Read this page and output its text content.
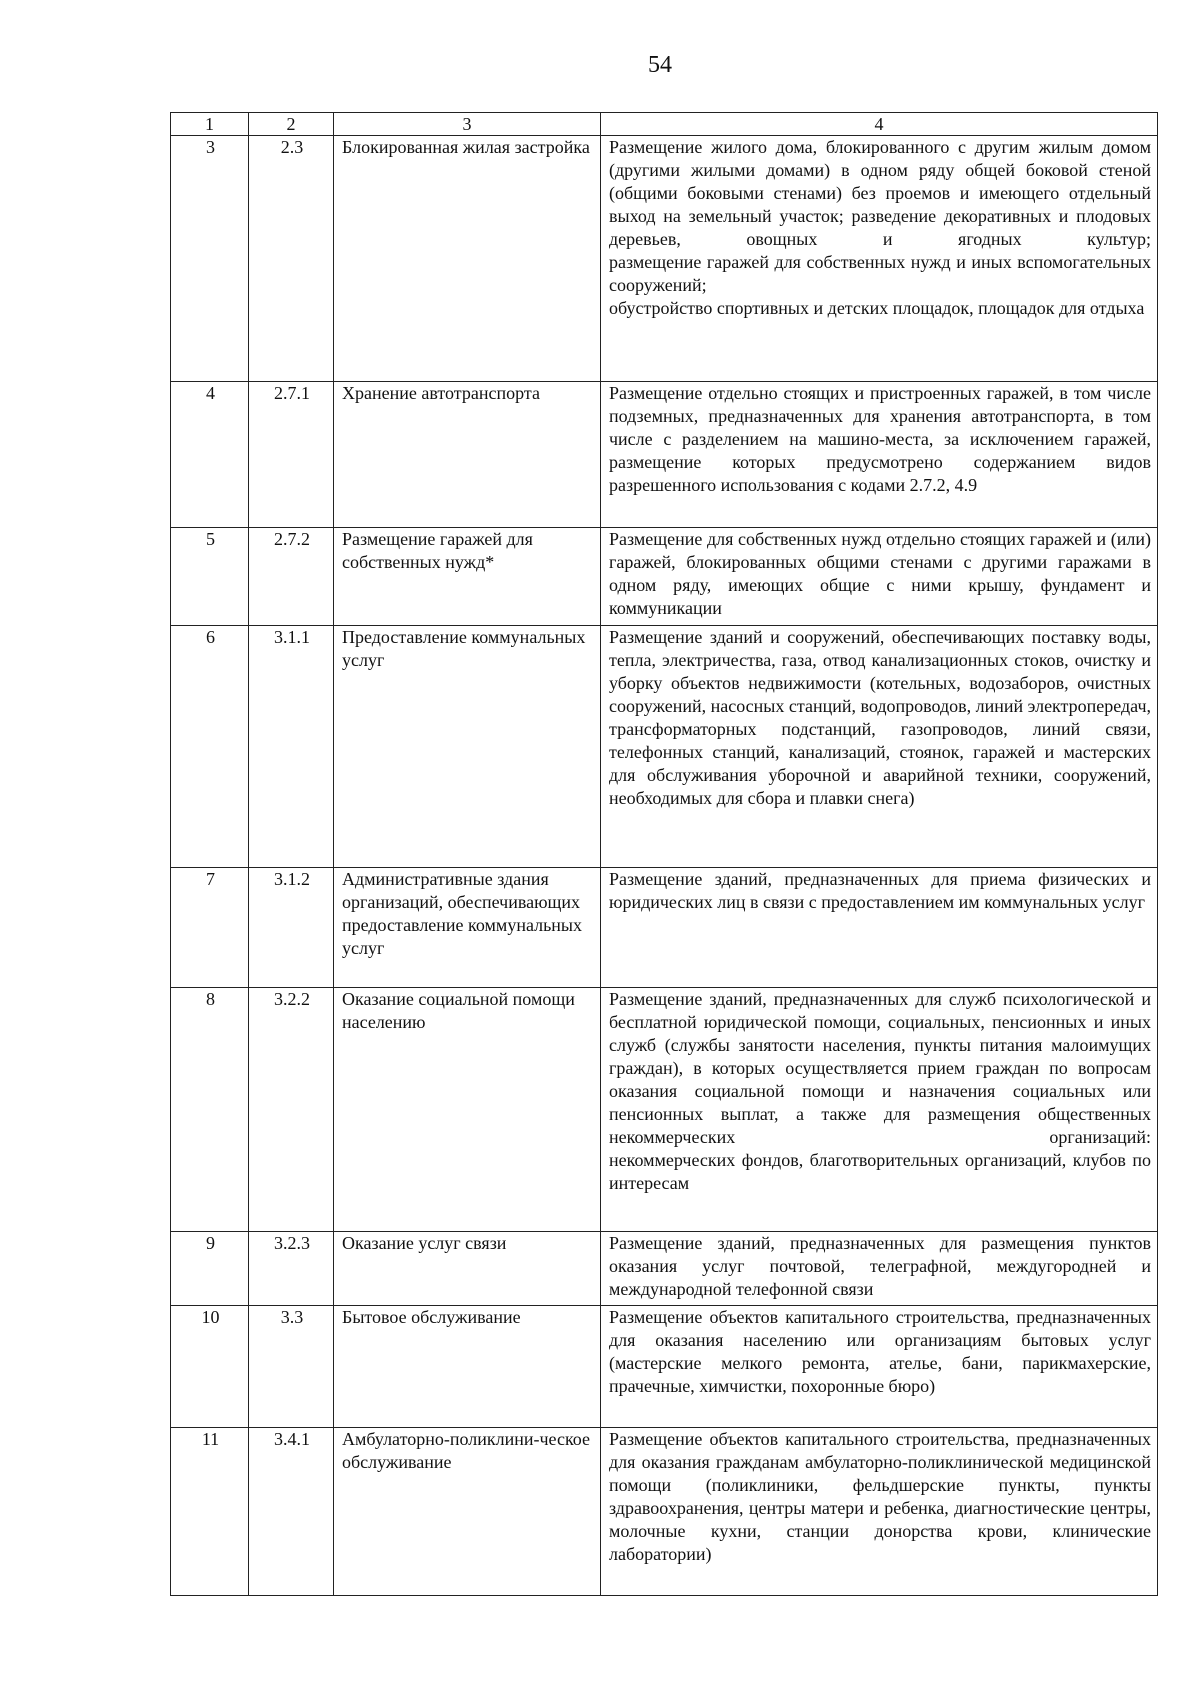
54
1	2	3	4
3	2.3	Блокированная жилая застройка	Размещение жилого дома, блокированного с другим жилым домом (другими жилыми домами) в одном ряду общей боковой стеной (общими боковыми стенами) без проемов и имеющего отдельный выход на земельный участок; разведение декоративных и плодовых деревьев, овощных и ягодных культур;

размещение гаражей для собственных нужд и иных вспомогательных сооружений;

обустройство спортивных и детских площадок, площадок для отдыха

4	2.7.1	Хранение автотранспорта	Размещение отдельно стоящих и пристроенных гаражей, в том числе подземных, предназначенных для хранения автотранспорта, в том числе с разделением на машино-места, за исключением гаражей, размещение которых предусмотрено содержанием видов разрешенного использования с кодами 2.7.2, 4.9

5	2.7.2	Размещение гаражей для собственных нужд*	Размещение для собственных нужд отдельно стоящих гаражей и (или) гаражей, блокированных общими стенами с другими гаражами в одном ряду, имеющих общие с ними крышу, фундамент и коммуникации

6	3.1.1	Предоставление коммунальных услуг	Размещение зданий и сооружений, обеспечивающих поставку воды, тепла, электричества, газа, отвод канализационных стоков, очистку и уборку объектов недвижимости (котельных, водозаборов, очистных сооружений, насосных станций, водопроводов, линий электропередач, трансформаторных подстанций, газопроводов, линий связи, телефонных станций, канализаций, стоянок, гаражей и мастерских для обслуживания уборочной и аварийной техники, сооружений, необходимых для сбора и плавки снега)

7	3.1.2	Административные здания организаций, обеспечивающих предоставление коммунальных услуг	Размещение зданий, предназначенных для приема физических и юридических лиц в связи с предоставлением им коммунальных услуг

8	3.2.2	Оказание социальной помощи населению	Размещение зданий, предназначенных для служб психологической и бесплатной юридической помощи, социальных, пенсионных и иных служб (службы занятости населения, пункты питания малоимущих граждан), в которых осуществляется прием граждан по вопросам оказания социальной помощи и назначения социальных или пенсионных выплат, а также для размещения общественных некоммерческих организаций:

некоммерческих фондов, благотворительных организаций, клубов по интересам

9	3.2.3	Оказание услуг связи	Размещение зданий, предназначенных для размещения пунктов оказания услуг почтовой, телеграфной, междугородней и международной телефонной связи

10	3.3	Бытовое обслуживание	Размещение объектов капитального строительства, предназначенных для оказания населению или организациям бытовых услуг (мастерские мелкого ремонта, ателье, бани, парикмахерские, прачечные, химчистки, похоронные бюро)

11	3.4.1	Амбулаторно-поликлини-ческое обслуживание	Размещение объектов капитального строительства, предназначенных для оказания гражданам амбулаторно-поликлинической медицинской помощи (поликлиники, фельдшерские пункты, пункты здравоохранения, центры матери и ребенка, диагностические центры, молочные кухни, станции донорства крови, клинические лаборатории)
